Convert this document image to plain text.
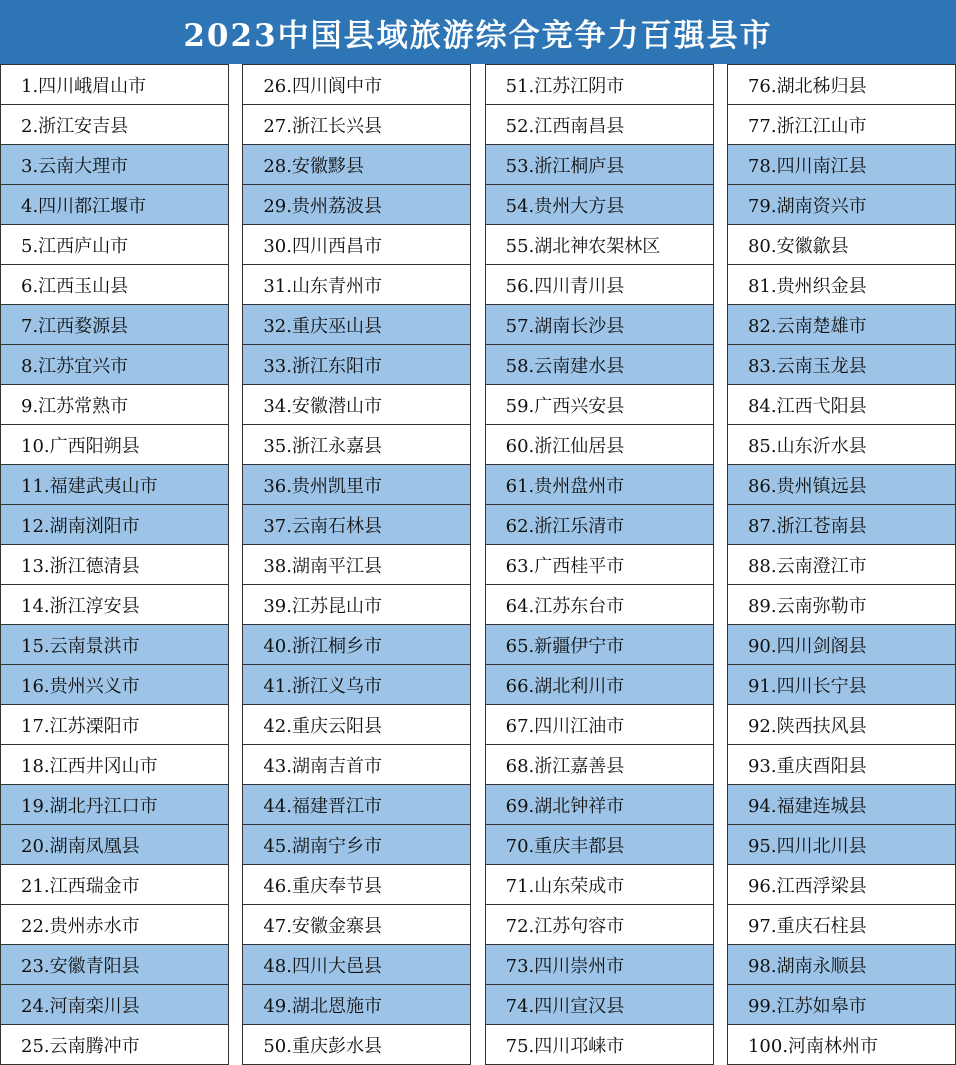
2023中国县域旅游综合竞争力百强县市
1.四川峨眉山市
2.浙江安吉县
3.云南大理市
4.四川都江堰市
5.江西庐山市
6.江西玉山县
7.江西婺源县
8.江苏宜兴市
9.江苏常熟市
10.广西阳朔县
11.福建武夷山市
12.湖南浏阳市
13.浙江德清县
14.浙江淳安县
15.云南景洪市
16.贵州兴义市
17.江苏溧阳市
18.江西井冈山市
19.湖北丹江口市
20.湖南凤凰县
21.江西瑞金市
22.贵州赤水市
23.安徽青阳县
24.河南栾川县
25.云南腾冲市
26.四川阆中市
27.浙江长兴县
28.安徽黟县
29.贵州荔波县
30.四川西昌市
31.山东青州市
32.重庆巫山县
33.浙江东阳市
34.安徽潜山市
35.浙江永嘉县
36.贵州凯里市
37.云南石林县
38.湖南平江县
39.江苏昆山市
40.浙江桐乡市
41.浙江义乌市
42.重庆云阳县
43.湖南吉首市
44.福建晋江市
45.湖南宁乡市
46.重庆奉节县
47.安徽金寨县
48.四川大邑县
49.湖北恩施市
50.重庆彭水县
51.江苏江阴市
52.江西南昌县
53.浙江桐庐县
54.贵州大方县
55.湖北神农架林区
56.四川青川县
57.湖南长沙县
58.云南建水县
59.广西兴安县
60.浙江仙居县
61.贵州盘州市
62.浙江乐清市
63.广西桂平市
64.江苏东台市
65.新疆伊宁市
66.湖北利川市
67.四川江油市
68.浙江嘉善县
69.湖北钟祥市
70.重庆丰都县
71.山东荣成市
72.江苏句容市
73.四川崇州市
74.四川宣汉县
75.四川邛崃市
76.湖北秭归县
77.浙江江山市
78.四川南江县
79.湖南资兴市
80.安徽歙县
81.贵州织金县
82.云南楚雄市
83.云南玉龙县
84.江西弋阳县
85.山东沂水县
86.贵州镇远县
87.浙江苍南县
88.云南澄江市
89.云南弥勒市
90.四川剑阁县
91.四川长宁县
92.陕西扶风县
93.重庆酉阳县
94.福建连城县
95.四川北川县
96.江西浮梁县
97.重庆石柱县
98.湖南永顺县
99.江苏如皋市
100.河南林州市
